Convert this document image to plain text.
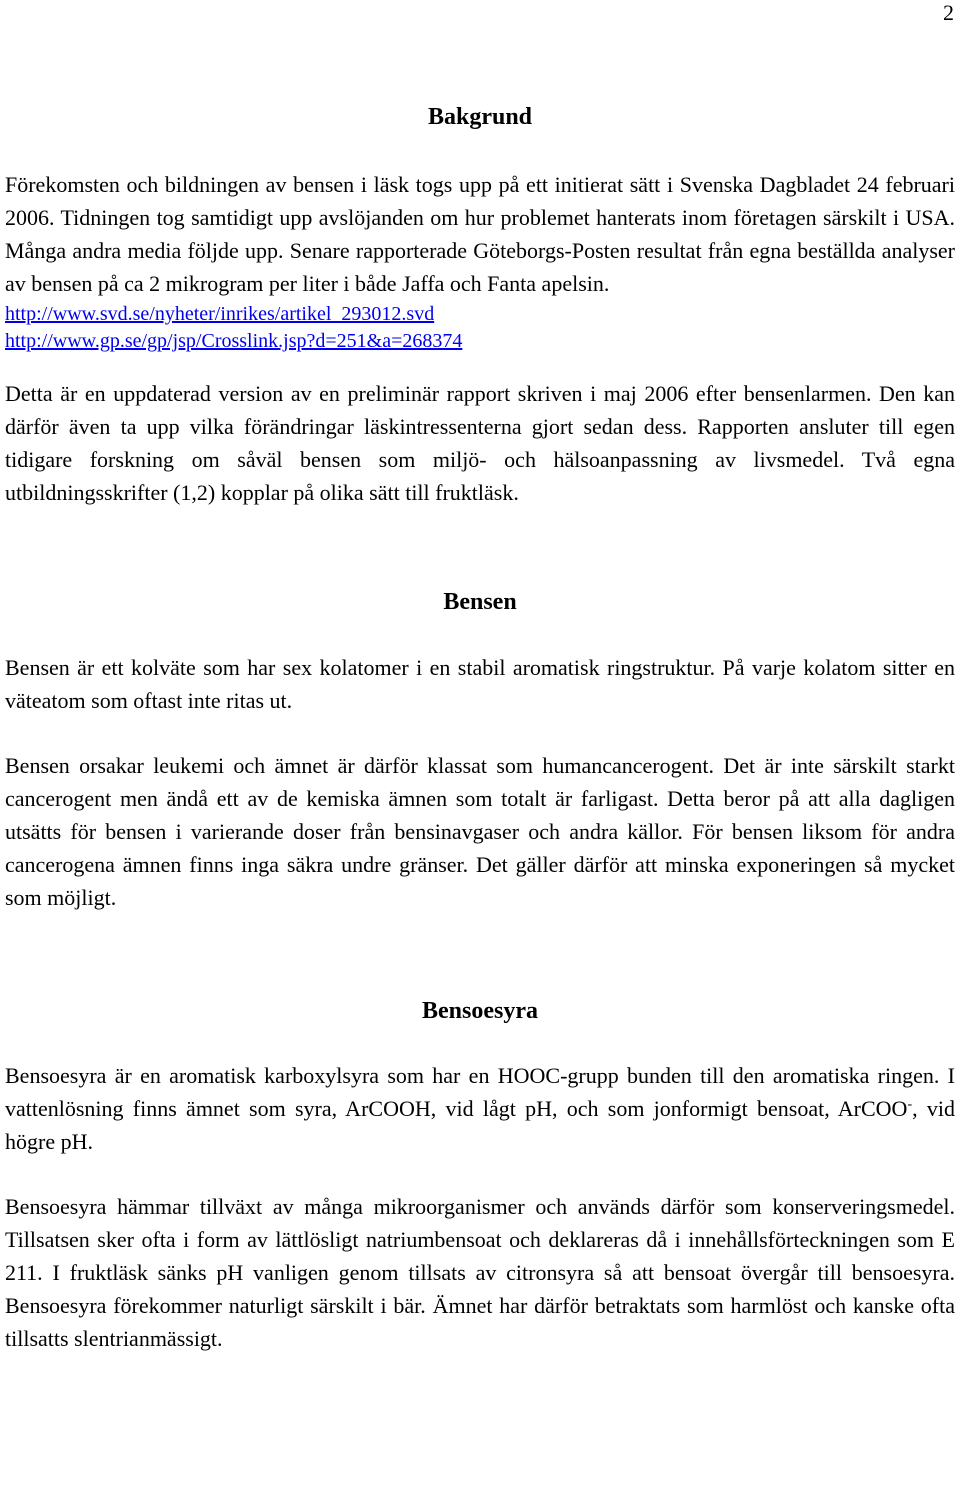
2
Bakgrund

Förekomsten och bildningen av bensen i läsk togs upp på ett initierat sätt i Svenska Dagbladet 24 februari 2006. Tidningen tog samtidigt upp avslöjanden om hur problemet hanterats inom företagen särskilt i USA. Många andra media följde upp. Senare rapporterade Göteborgs-Posten resultat från egna beställda analyser av bensen på ca 2 mikrogram per liter i både Jaffa och Fanta apelsin.

http://www.svd.se/nyheter/inrikes/artikel_293012.svd
http://www.gp.se/gp/jsp/Crosslink.jsp?d=251&a=268374

Detta är en uppdaterad version av en preliminär rapport skriven i maj 2006 efter bensenlarmen. Den kan därför även ta upp vilka förändringar läskintressenterna gjort sedan dess. Rapporten ansluter till egen tidigare forskning om såväl bensen som miljö- och hälsoanpassning av livsmedel. Två egna utbildningsskrifter (1,2) kopplar på olika sätt till fruktläsk.

Bensen

Bensen är ett kolväte som har sex kolatomer i en stabil aromatisk ringstruktur. På varje kolatom sitter en väteatom som oftast inte ritas ut.

Bensen orsakar leukemi och ämnet är därför klassat som humancancerogent. Det är inte särskilt starkt cancerogent men ändå ett av de kemiska ämnen som totalt är farligast. Detta beror på att alla dagligen utsätts för bensen i varierande doser från bensinavgaser och andra källor. För bensen liksom för andra cancerogena ämnen finns inga säkra undre gränser. Det gäller därför att minska exponeringen så mycket som möjligt.

Bensoesyra

Bensoesyra är en aromatisk karboxylsyra som har en HOOC-grupp bunden till den aromatiska ringen. I vattenlösning finns ämnet som syra, ArCOOH, vid lågt pH, och som jonformigt bensoat, ArCOO-, vid högre pH.

Bensoesyra hämmar tillväxt av många mikroorganismer och används därför som konserveringsmedel. Tillsatsen sker ofta i form av lättlösligt natriumbensoat och deklareras då i innehållsförteckningen som E 211. I fruktläsk sänks pH vanligen genom tillsats av citronsyra så att bensoat övergår till bensoesyra. Bensoesyra förekommer naturligt särskilt i bär. Ämnet har därför betraktats som harmlöst och kanske ofta tillsatts slentrianmässigt.
